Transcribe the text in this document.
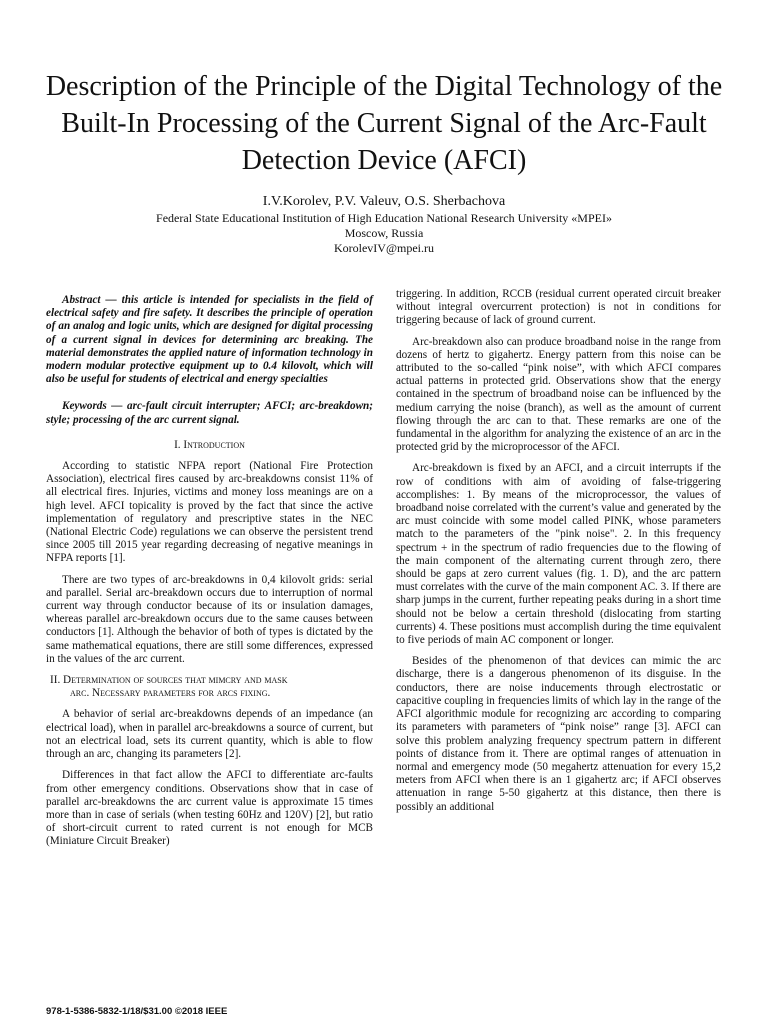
Description of the Principle of the Digital Technology of the Built-In Processing of the Current Signal of the Arc-Fault Detection Device (AFCI)
I.V.Korolev, P.V. Valeuv, O.S. Sherbachova
Federal State Educational Institution of High Education National Research University «MPEI»
Moscow, Russia
KorolevIV@mpei.ru

Abstract — this article is intended for specialists in the field of electrical safety and fire safety. It describes the principle of operation of an analog and logic units, which are designed for digital processing of a current signal in devices for determining arc breaking. The material demonstrates the applied nature of information technology in modern modular protective equipment up to 0.4 kilovolt, which will also be useful for students of electrical and energy specialties

Keywords — arc-fault circuit interrupter; AFCI; arc-breakdown; style; processing of the arc current signal.

I. Introduction

According to statistic NFPA report (National Fire Protection Association), electrical fires caused by arc-breakdowns consist 11% of all electrical fires. Injuries, victims and money loss meanings are on a high level. AFCI topicality is proved by the fact that since the active implementation of regulatory and prescriptive states in the NEC (National Electric Code) regulations we can observe the persistent trend since 2005 till 2015 year regarding decreasing of negative meanings in NFPA reports [1].

There are two types of arc-breakdowns in 0,4 kilovolt grids: serial and parallel. Serial arc-breakdown occurs due to interruption of normal current way through conductor because of its or insulation damages, whereas parallel arc-breakdown occurs due to the same causes between conductors [1]. Although the behavior of both of types is dictated by the same mathematical equations, there are still some differences, expressed in the values of the arc current.

II. Determination of sources that mimcry and mask
arc. Necessary parameters for arcs fixing.

A behavior of serial arc-breakdowns depends of an impedance (an electrical load), when in parallel arc-breakdowns a source of current, but not an electrical load, sets its current quantity, which is able to flow through an arc, changing its parameters [2].

Differences in that fact allow the AFCI to differentiate arc-faults from other emergency conditions. Observations show that in case of parallel arc-breakdowns the arc current value is approximate 15 times more than in case of serials (when testing 60Hz and 120V) [2], but ratio of short-circuit current to rated current is not enough for MCB (Miniature Circuit Breaker)

triggering. In addition, RCCB (residual current operated circuit breaker without integral overcurrent protection) is not in conditions for triggering because of lack of ground current.

Arc-breakdown also can produce broadband noise in the range from dozens of hertz to gigahertz. Energy pattern from this noise can be attributed to the so-called “pink noise”, with which AFCI compares actual patterns in protected grid. Observations show that the energy contained in the spectrum of broadband noise can be influenced by the medium carrying the noise (branch), as well as the amount of current flowing through the arc can to that. These remarks are one of the fundamental in the algorithm for analyzing the existence of an arc in the protected grid by the microprocessor of the AFCI.

Arc-breakdown is fixed by an AFCI, and a circuit interrupts if the row of conditions with aim of avoiding of false-triggering accomplishes: 1. By means of the microprocessor, the values of broadband noise correlated with the current’s value and generated by the arc must coincide with some model called PINK, whose parameters match to the parameters of the "pink noise". 2. In this frequency spectrum + in the spectrum of radio frequencies due to the flowing of the main component of the alternating current through zero, there should be gaps at zero current values (fig. 1. D), and the arc pattern must correlates with the curve of the main component AC. 3. If there are sharp jumps in the current, further repeating peaks during in a short time should not be below a certain threshold (dislocating from starting currents) 4. These positions must accomplish during the time equivalent to five periods of main AC component or longer.

Besides of the phenomenon of that devices can mimic the arc discharge, there is a dangerous phenomenon of its disguise. In the conductors, there are noise inducements through electrostatic or capacitive coupling in frequencies limits of which lay in the range of the AFCI algorithmic module for recognizing arc according to comparing its parameters with parameters of “pink noise” range [3]. AFCI can solve this problem analyzing frequency spectrum pattern in different points of distance from it. There are optimal ranges of attenuation in normal and emergency mode (50 megahertz attenuation for every 15,2 meters from AFCI when there is an 1 gigahertz arc; if AFCI observes attenuation in range 5-50 gigahertz at this distance, then there is possibly an additional

978-1-5386-5832-1/18/$31.00 ©2018 IEEE
